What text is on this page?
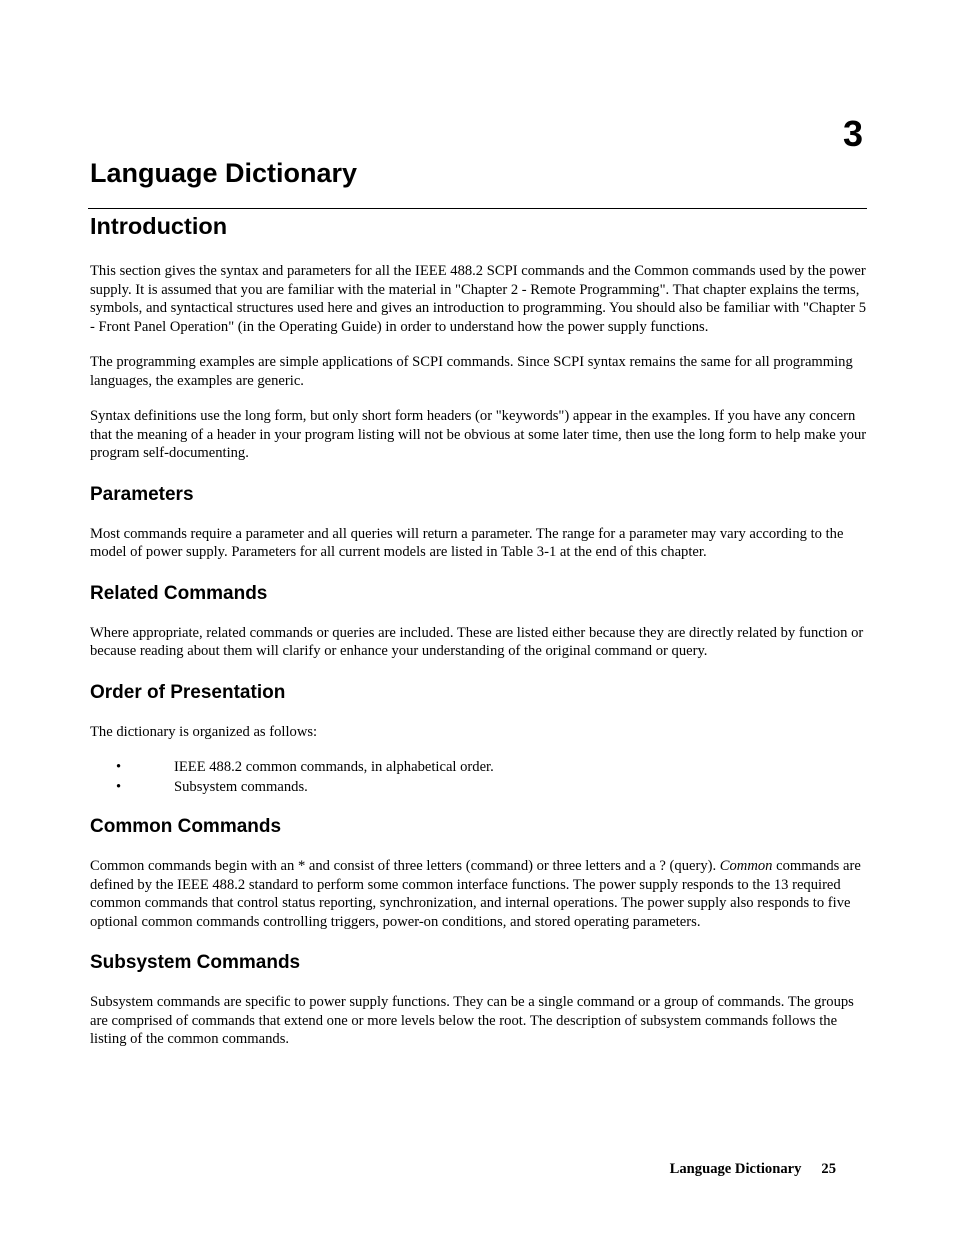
3
Language Dictionary
Introduction

This section gives the syntax and parameters for all the IEEE 488.2 SCPI commands and the Common commands used by the power supply. It is assumed that you are familiar with the material in "Chapter 2 - Remote Programming". That chapter explains the terms, symbols, and syntactical structures used here and gives an introduction to programming. You should also be familiar with "Chapter 5 - Front Panel Operation" (in the Operating Guide) in order to understand how the power supply functions.

The programming examples are simple applications of SCPI commands. Since SCPI syntax remains the same for all programming languages, the examples are generic.

Syntax definitions use the long form, but only short form headers (or "keywords") appear in the examples. If you have any concern that the meaning of a header in your program listing will not be obvious at some later time, then use the long form to help make your program self-documenting.

Parameters

Most commands require a parameter and all queries will return a parameter. The range for a parameter may vary according to the model of power supply. Parameters for all current models are listed in Table 3-1 at the end of this chapter.

Related Commands

Where appropriate, related commands or queries are included. These are listed either because they are directly related by function or because reading about them will clarify or enhance your understanding of the original command or query.

Order of Presentation

The dictionary is organized as follows:

•	IEEE 488.2 common commands, in alphabetical order.
•	Subsystem commands.
Common Commands

Common commands begin with an * and consist of three letters (command) or three letters and a ? (query). Common commands are defined by the IEEE 488.2 standard to perform some common interface functions. The power supply responds to the 13 required common commands that control status reporting, synchronization, and internal operations. The power supply also responds to five optional common commands controlling triggers, power-on conditions, and stored operating parameters.

Subsystem Commands

Subsystem commands are specific to power supply functions. They can be a single command or a group of commands. The groups are comprised of commands that extend one or more levels below the root. The description of subsystem commands follows the listing of the common commands.

Language Dictionary 25
